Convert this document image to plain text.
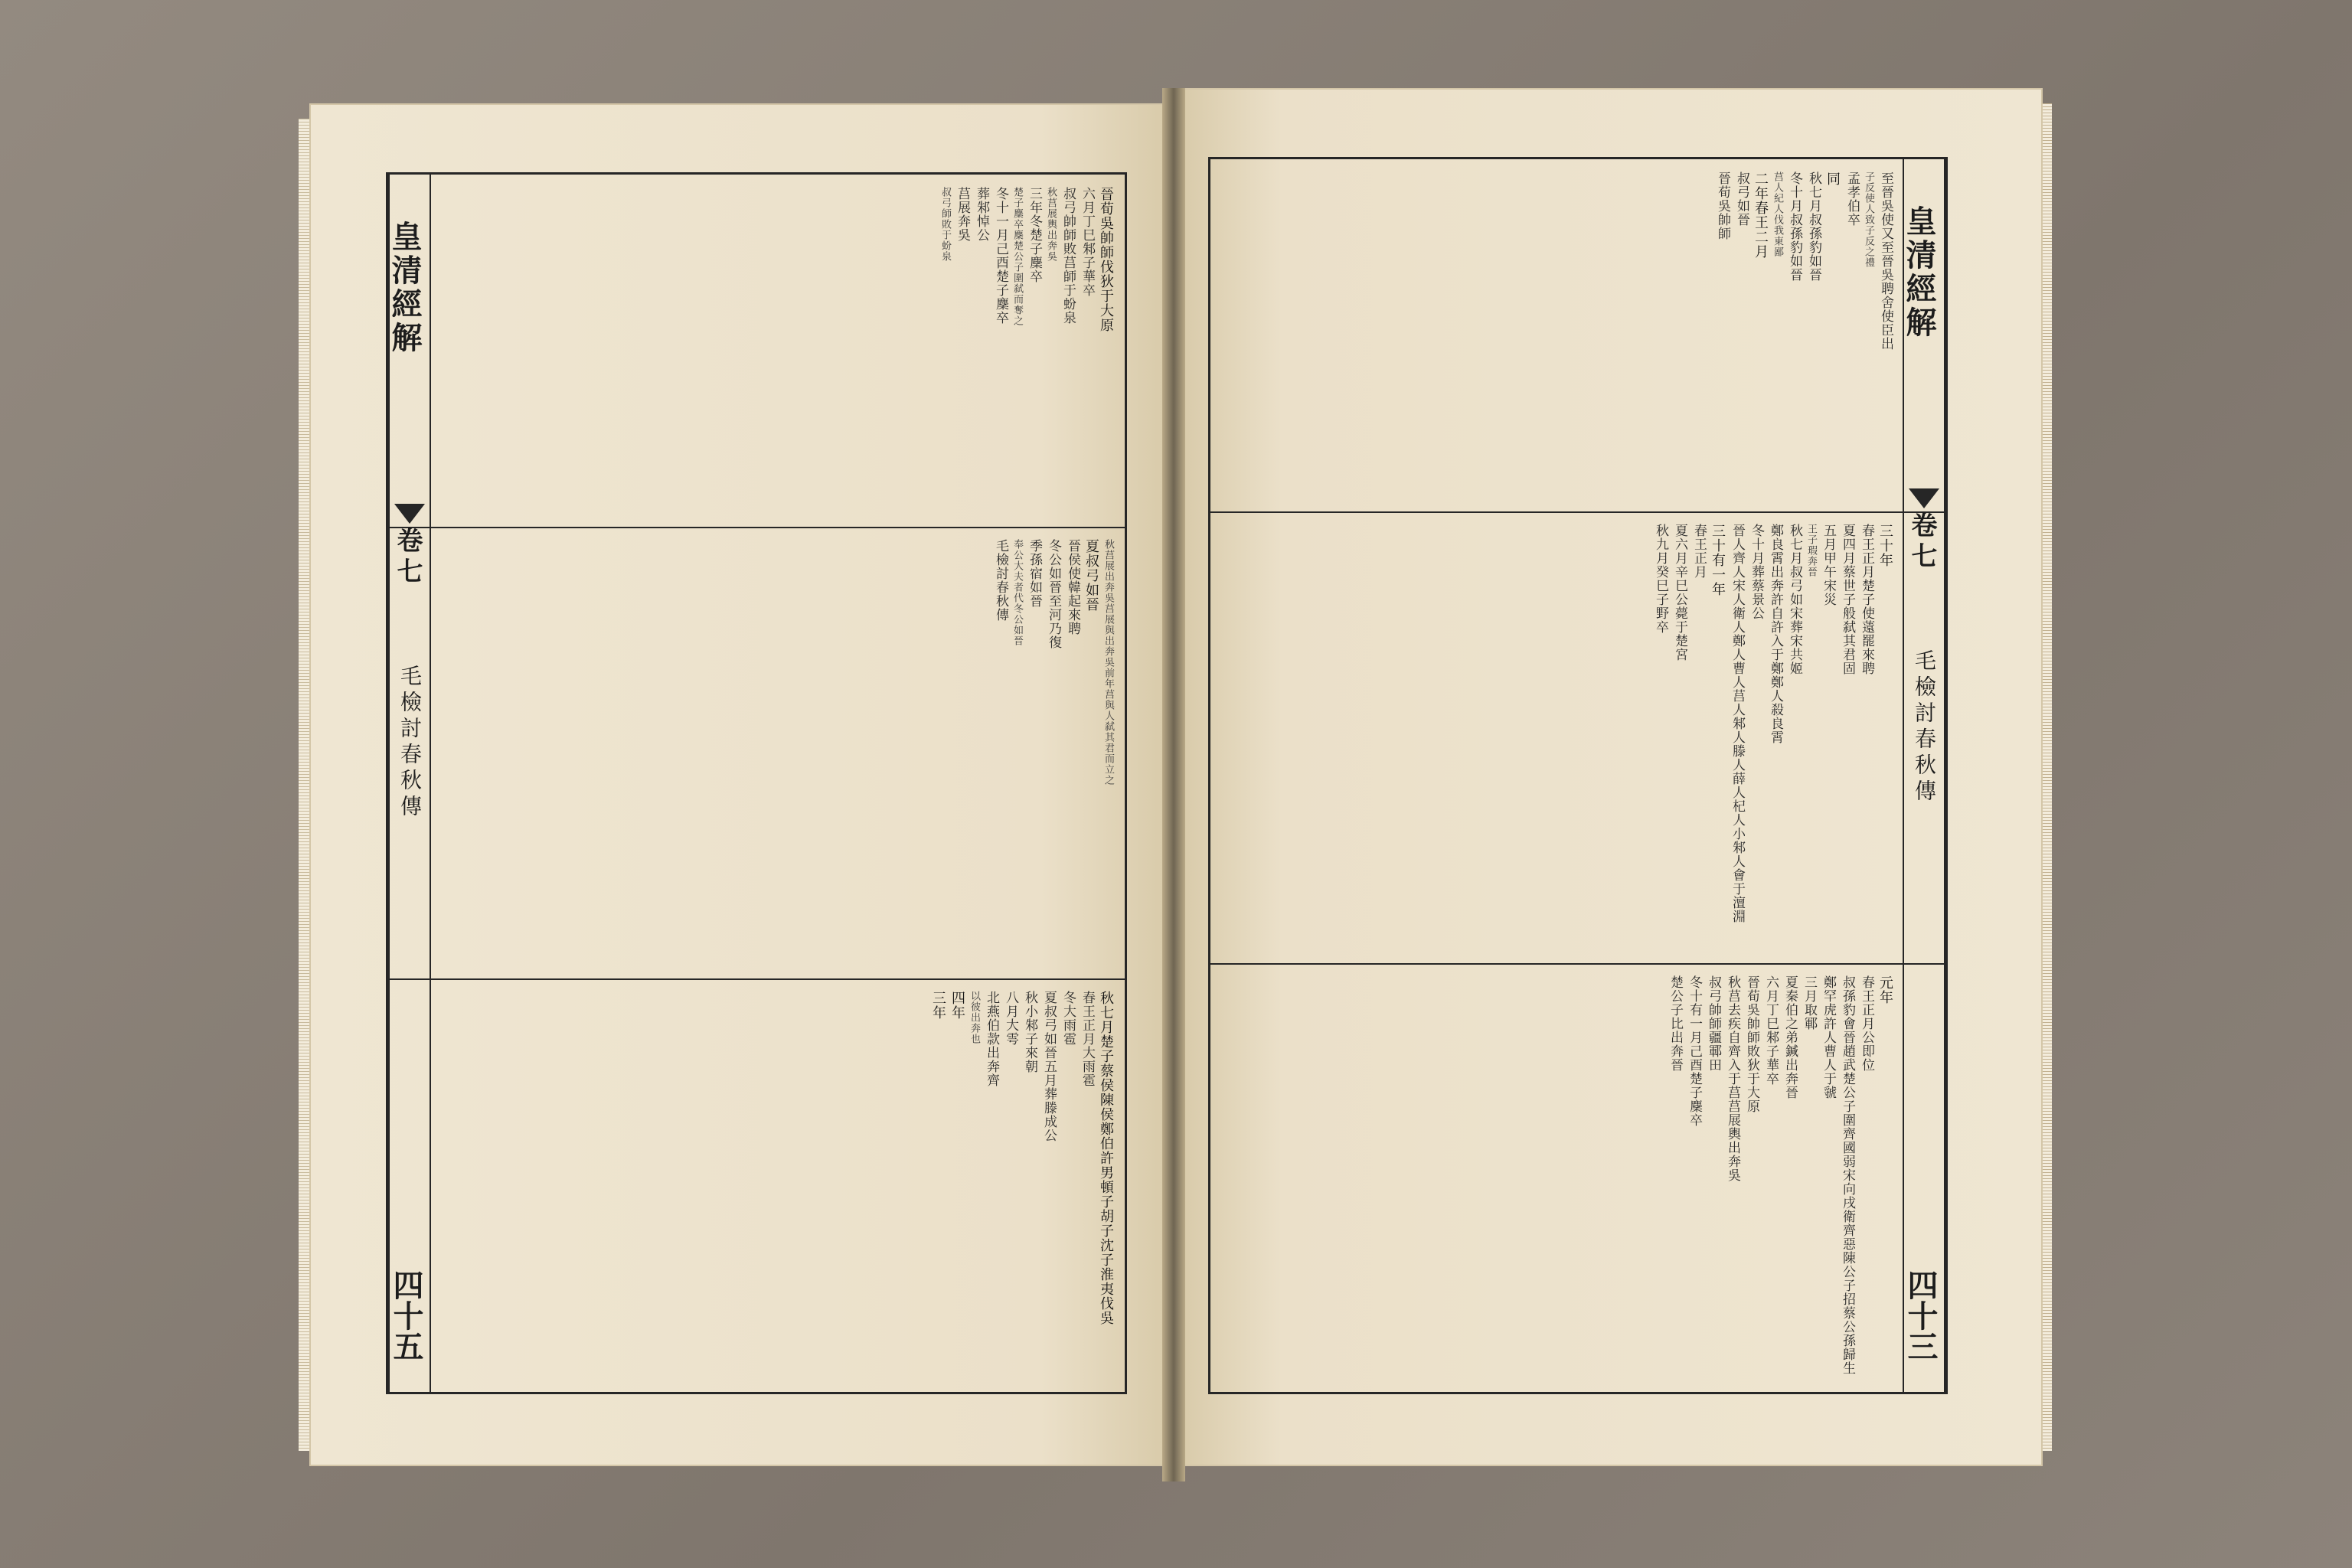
皇清經解
卷七
毛檢討春秋傳
四十五
晉荀吳帥師伐狄于大原
六月丁巳邾子華卒
叔弓帥師敗莒師于蚡泉
秋莒展輿出奔吳
三年冬楚子麇卒
楚子麇卒麇楚公子圍弑而奪之
冬十一月己酉楚子麇卒
葬邾悼公
莒展奔吳
叔弓師敗于蚡泉
秋莒展出奔吳莒展與出奔吳前年莒與人弑其君而立之
夏叔弓如晉
晉侯使韓起來聘
冬公如晉至河乃復
季孫宿如晉
奉公大夫者代冬公如晉
毛檢討春秋傳
秋七月楚子蔡侯陳侯鄭伯許男頓子胡子沈子淮夷伐吳
春王正月大雨雹
冬大雨雹
夏叔弓如晉五月葬滕成公
秋小邾子來朝
八月大雩
北燕伯款出奔齊
以彼出奔也
四年
三年
皇清經解
卷七
毛檢討春秋傳
四十三
至晉吳使又至晉吳聘舍使臣出
子反使人致子反之禮
孟孝伯卒
同
秋七月叔孫豹如晉
冬十月叔孫豹如晉
莒人紀人伐我東鄙
二年春王二月
叔弓如晉
晉荀吳帥師
三十年
春王正月楚子使薳罷來聘
夏四月蔡世子般弑其君固
五月甲午宋災
王子瑕奔晉
秋七月叔弓如宋葬宋共姬
鄭良霄出奔許自許入于鄭鄭人殺良霄
冬十月葬蔡景公
晉人齊人宋人衛人鄭人曹人莒人邾人滕人薛人杞人小邾人會于澶淵
三十有一年
春王正月
夏六月辛巳公薨于楚宮
秋九月癸巳子野卒
元年
春王正月公即位
叔孫豹會晉趙武楚公子圍齊國弱宋向戌衛齊惡陳公子招蔡公孫歸生鄭罕虎許人曹人于虢
三月取鄆
夏秦伯之弟鍼出奔晉
六月丁巳邾子華卒
晉荀吳帥師敗狄于大原
秋莒去疾自齊入于莒莒展輿出奔吳
叔弓帥師疆鄆田
冬十有一月己酉楚子麇卒
楚公子比出奔晉
